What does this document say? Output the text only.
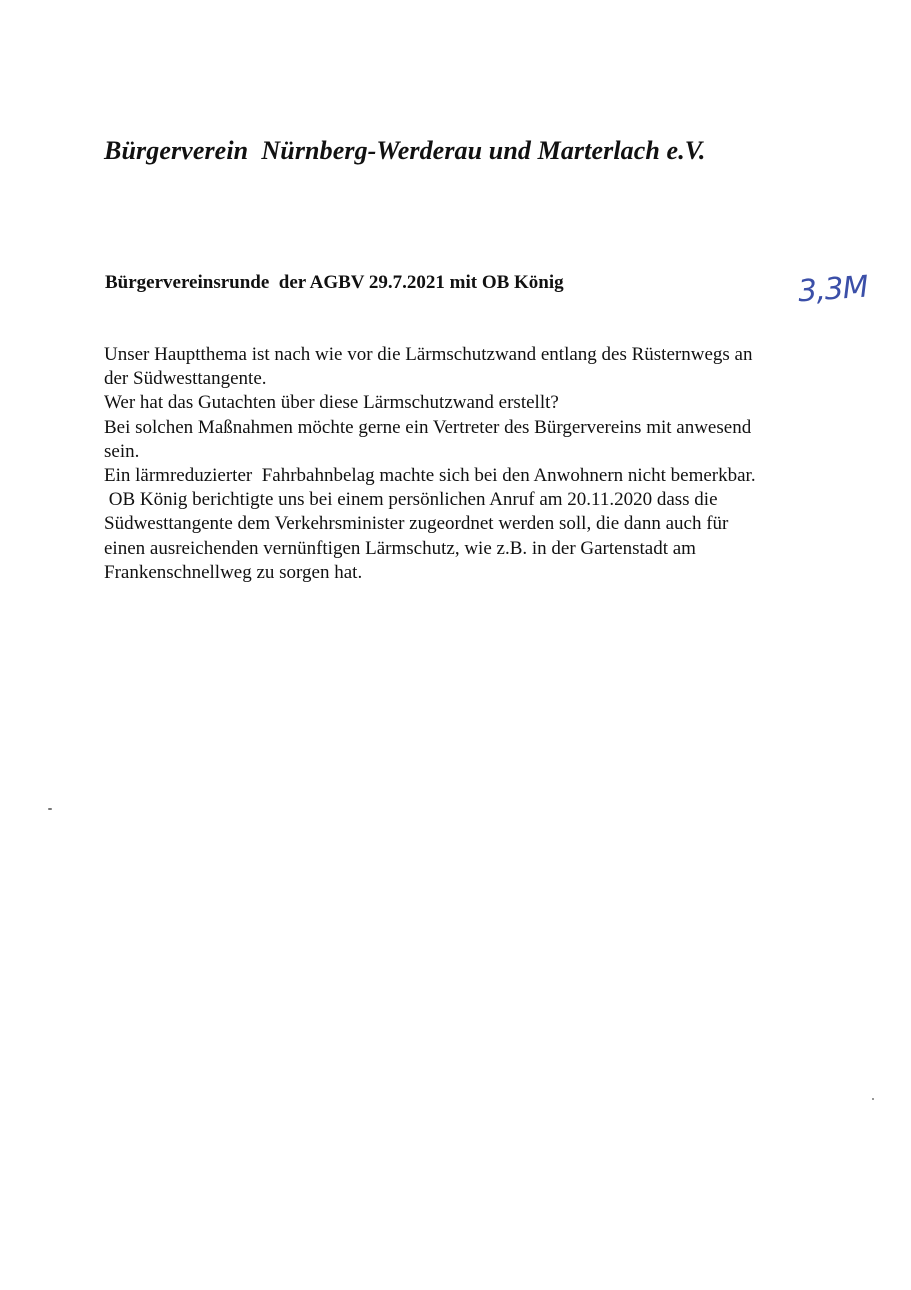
Bürgerverein  Nürnberg-Werderau und Marterlach e.V.
Bürgervereinsrunde  der AGBV 29.7.2021 mit OB König	3,3M
Unser Hauptthema ist nach wie vor die Lärmschutzwand entlang des Rüsternwegs an
der Südwesttangente.
Wer hat das Gutachten über diese Lärmschutzwand erstellt?
Bei solchen Maßnahmen möchte gerne ein Vertreter des Bürgervereins mit anwesend
sein.
Ein lärmreduzierter  Fahrbahnbelag machte sich bei den Anwohnern nicht bemerkbar.
OB König berichtigte uns bei einem persönlichen Anruf am 20.11.2020 dass die
Südwesttangente dem Verkehrsminister zugeordnet werden soll, die dann auch für
einen ausreichenden vernünftigen Lärmschutz, wie z.B. in der Gartenstadt am
Frankenschnellweg zu sorgen hat.
